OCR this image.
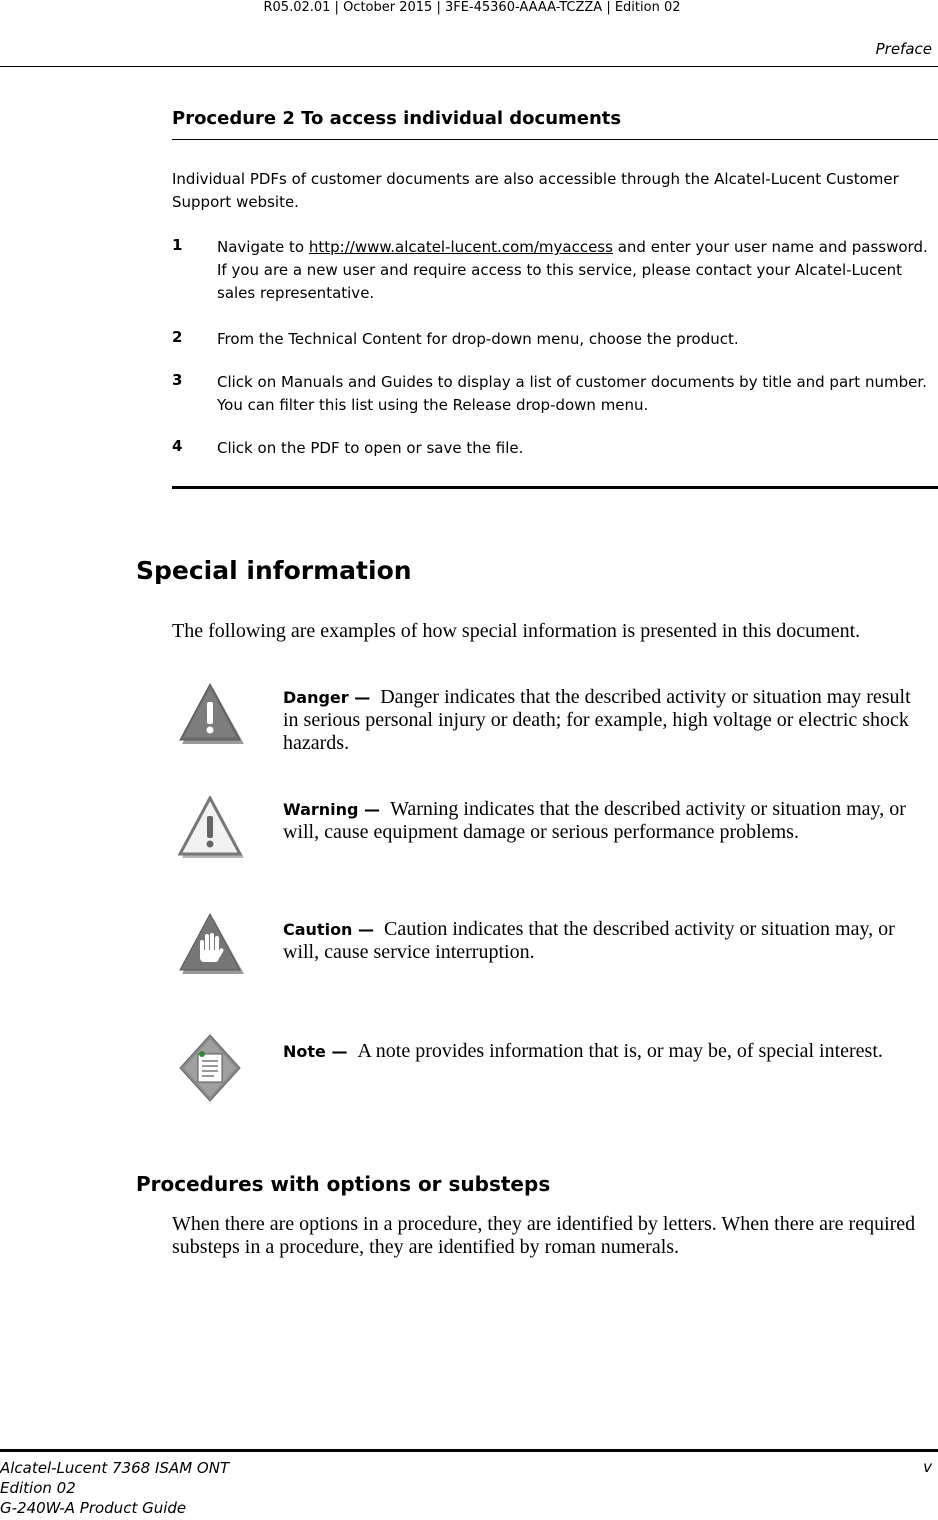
R05.02.01 | October 2015 | 3FE-45360-AAAA-TCZZA | Edition 02
Preface
Procedure 2 To access individual documents
Individual PDFs of customer documents are also accessible through the Alcatel-Lucent Customer Support website.
1 Navigate to http://www.alcatel-lucent.com/myaccess and enter your user name and password. If you are a new user and require access to this service, please contact your Alcatel-Lucent sales representative.
2 From the Technical Content for drop-down menu, choose the product.
3 Click on Manuals and Guides to display a list of customer documents by title and part number. You can filter this list using the Release drop-down menu.
4 Click on the PDF to open or save the file.
Special information
The following are examples of how special information is presented in this document.
Danger — Danger indicates that the described activity or situation may result in serious personal injury or death; for example, high voltage or electric shock hazards.
Warning — Warning indicates that the described activity or situation may, or will, cause equipment damage or serious performance problems.
Caution — Caution indicates that the described activity or situation may, or will, cause service interruption.
Note — A note provides information that is, or may be, of special interest.
Procedures with options or substeps
When there are options in a procedure, they are identified by letters. When there are required substeps in a procedure, they are identified by roman numerals.
Alcatel-Lucent 7368 ISAM ONT
Edition 02
G-240W-A Product Guide
v
